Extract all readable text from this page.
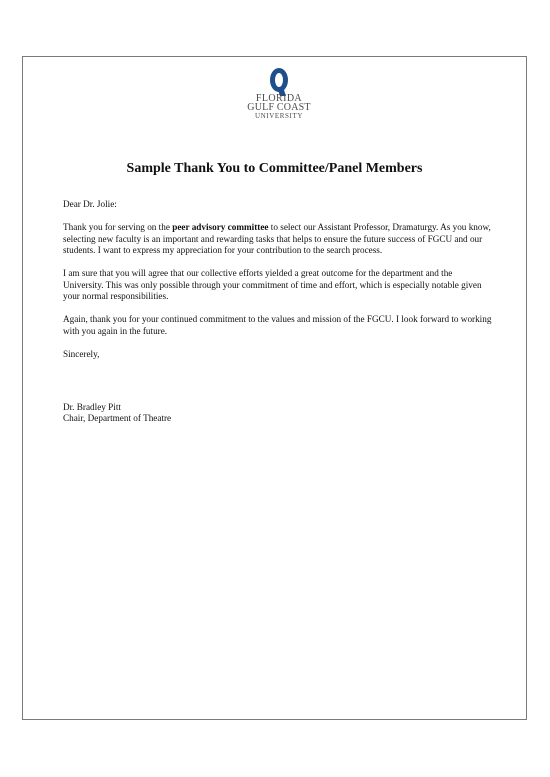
FLORIDA
GULF COAST
UNIVERSITY
Sample Thank You to Committee/Panel Members

Dear Dr. Jolie:

Thank you for serving on the peer advisory committee to select our Assistant Professor, Dramaturgy. As you know, selecting new faculty is an important and rewarding tasks that helps to ensure the future success of FGCU and our students. I want to express my appreciation for your contribution to the search process.

I am sure that you will agree that our collective efforts yielded a great outcome for the department and the University. This was only possible through your commitment of time and effort, which is especially notable given your normal responsibilities.

Again, thank you for your continued commitment to the values and mission of the FGCU. I look forward to working with you again in the future.

Sincerely,

Dr. Bradley Pitt
Chair, Department of Theatre
